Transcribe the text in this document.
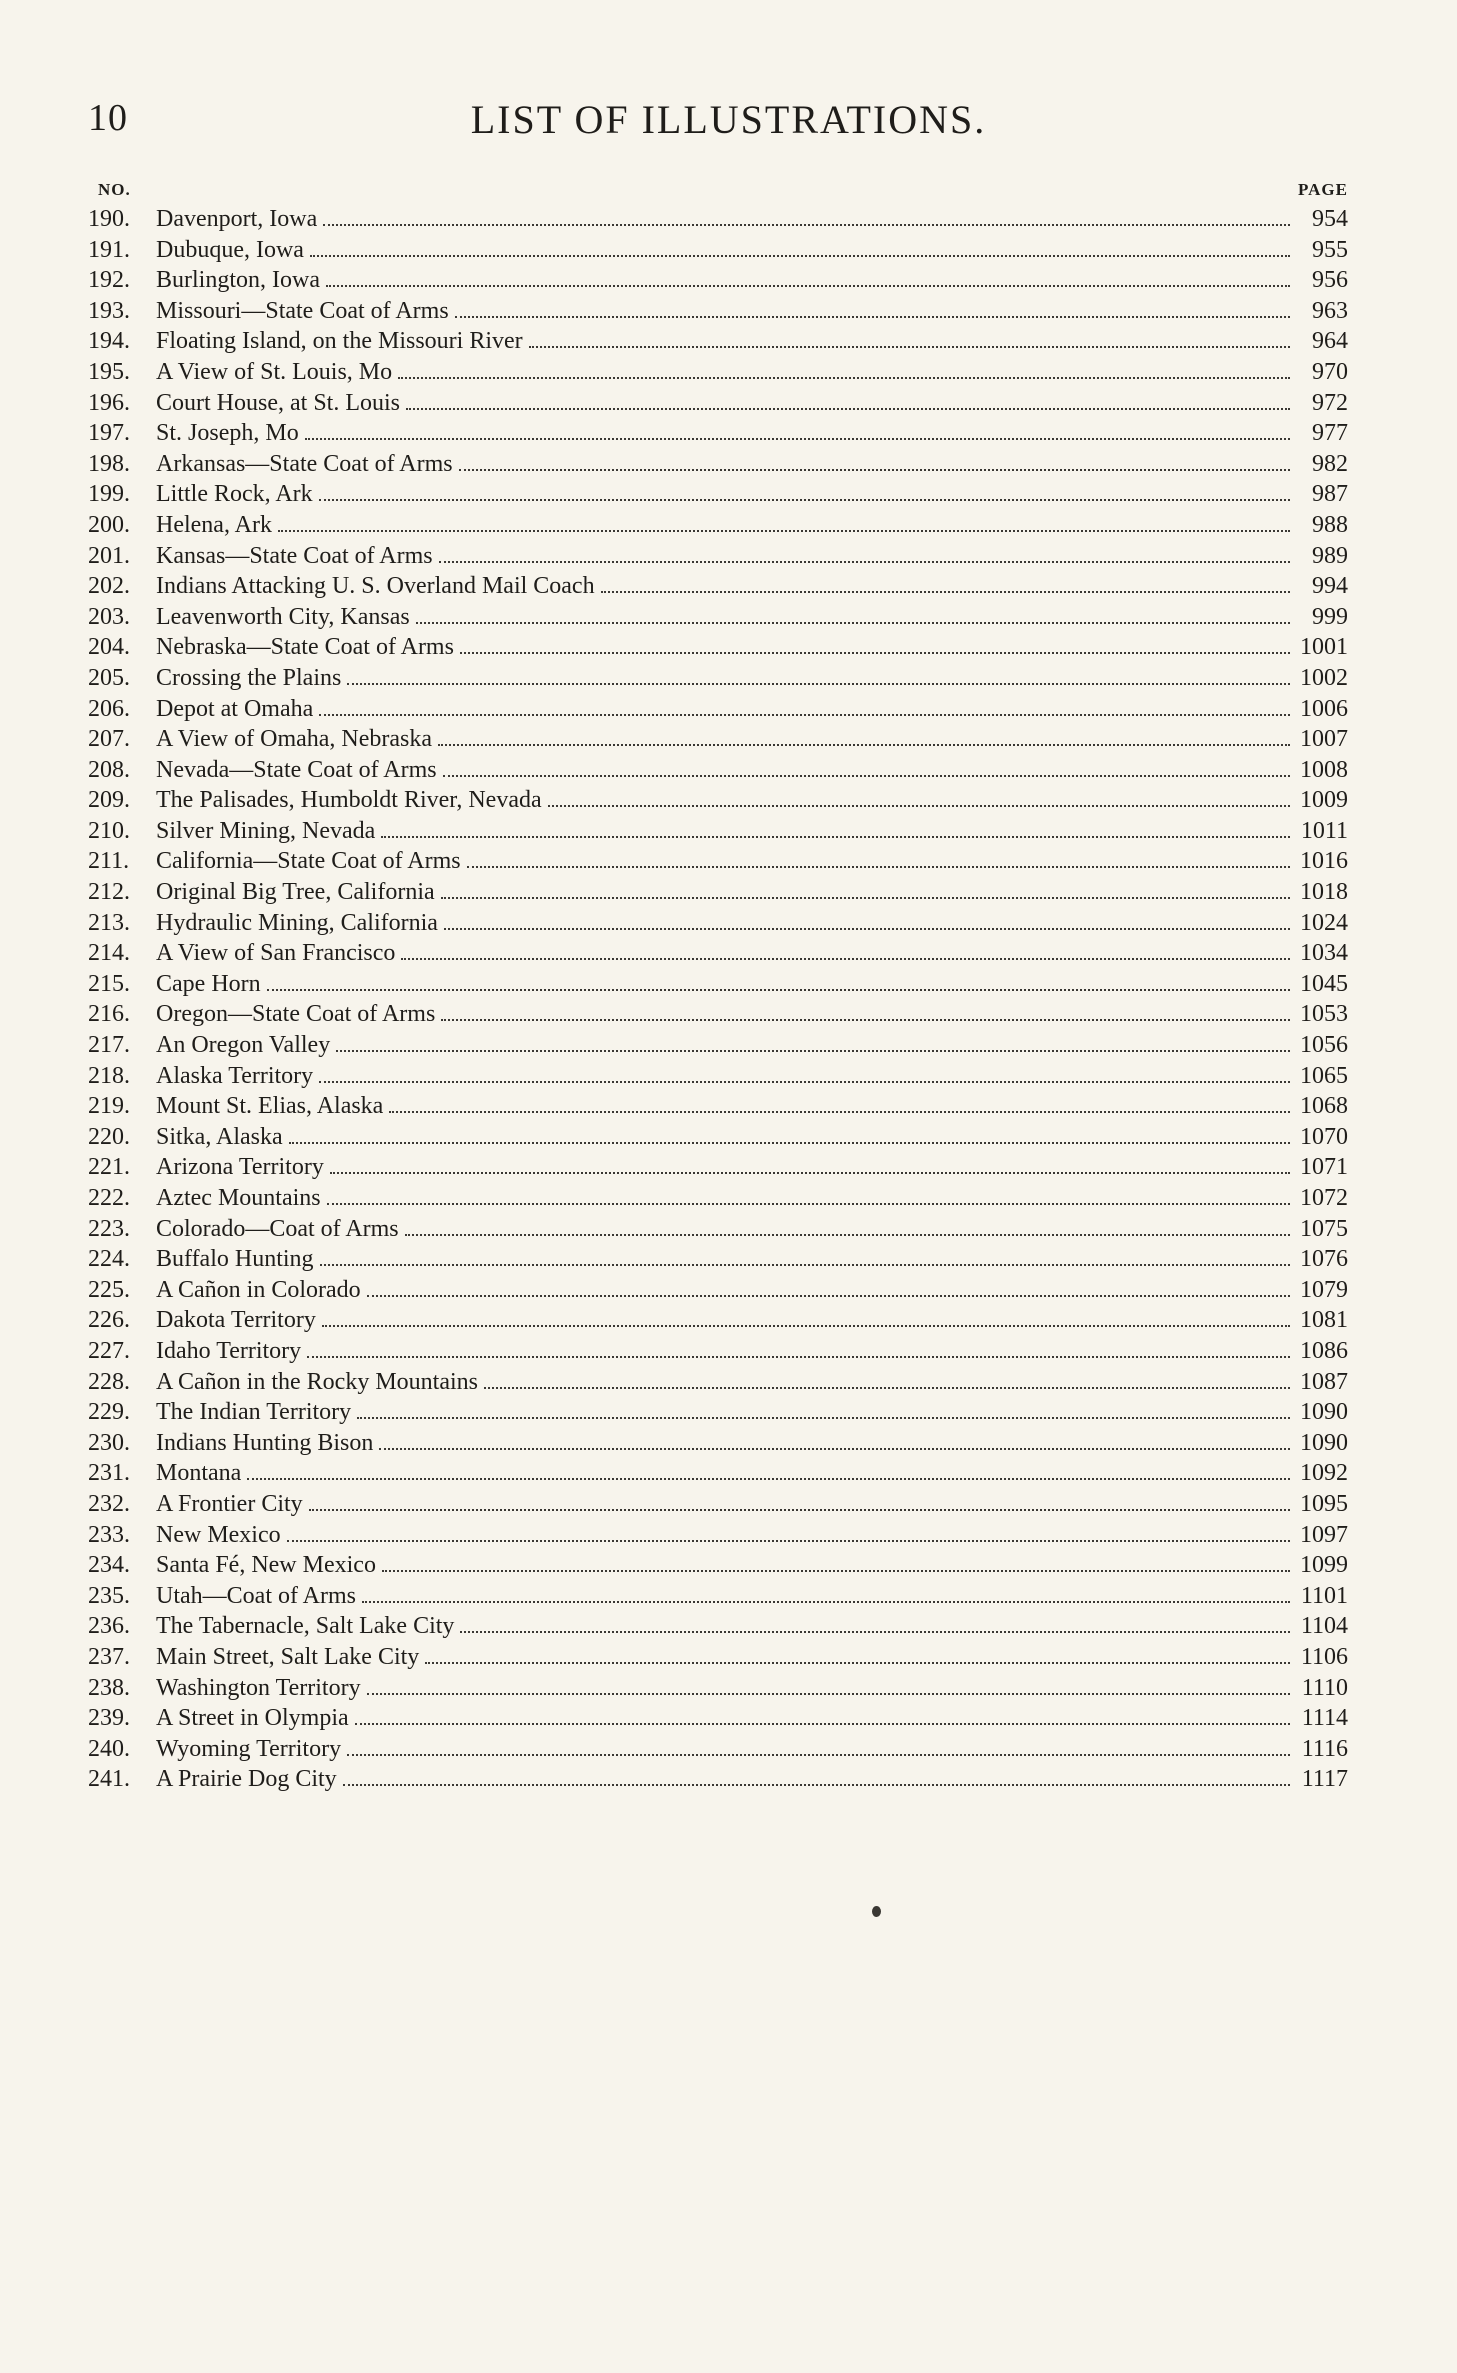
10	LIST OF ILLUSTRATIONS.
NO.	PAGE
190.	Davenport, Iowa	954
191.	Dubuque, Iowa	955
192.	Burlington, Iowa	956
193.	Missouri—State Coat of Arms	963
194.	Floating Island, on the Missouri River	964
195.	A View of St. Louis, Mo	970
196.	Court House, at St. Louis	972
197.	St. Joseph, Mo	977
198.	Arkansas—State Coat of Arms	982
199.	Little Rock, Ark	987
200.	Helena, Ark	988
201.	Kansas—State Coat of Arms	989
202.	Indians Attacking U. S. Overland Mail Coach	994
203.	Leavenworth City, Kansas	999
204.	Nebraska—State Coat of Arms	1001
205.	Crossing the Plains	1002
206.	Depot at Omaha	1006
207.	A View of Omaha, Nebraska	1007
208.	Nevada—State Coat of Arms	1008
209.	The Palisades, Humboldt River, Nevada	1009
210.	Silver Mining, Nevada	1011
211.	California—State Coat of Arms	1016
212.	Original Big Tree, California	1018
213.	Hydraulic Mining, California	1024
214.	A View of San Francisco	1034
215.	Cape Horn	1045
216.	Oregon—State Coat of Arms	1053
217.	An Oregon Valley	1056
218.	Alaska Territory	1065
219.	Mount St. Elias, Alaska	1068
220.	Sitka, Alaska	1070
221.	Arizona Territory	1071
222.	Aztec Mountains	1072
223.	Colorado—Coat of Arms	1075
224.	Buffalo Hunting	1076
225.	A Cañon in Colorado	1079
226.	Dakota Territory	1081
227.	Idaho Territory	1086
228.	A Cañon in the Rocky Mountains	1087
229.	The Indian Territory	1090
230.	Indians Hunting Bison	1090
231.	Montana	1092
232.	A Frontier City	1095
233.	New Mexico	1097
234.	Santa Fé, New Mexico	1099
235.	Utah—Coat of Arms	1101
236.	The Tabernacle, Salt Lake City	1104
237.	Main Street, Salt Lake City	1106
238.	Washington Territory	1110
239.	A Street in Olympia	1114
240.	Wyoming Territory	1116
241.	A Prairie Dog City	1117
